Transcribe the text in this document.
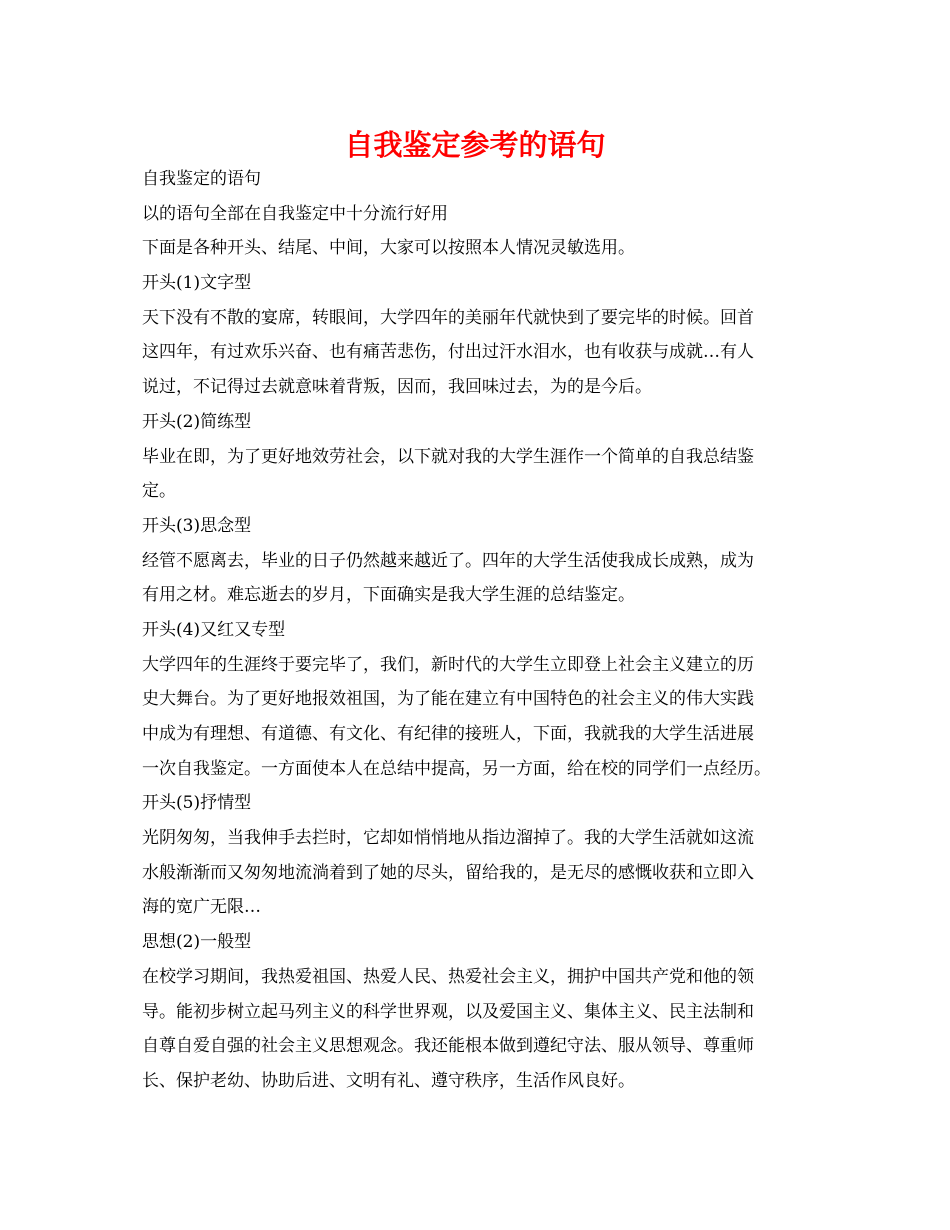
自我鉴定参考的语句

自我鉴定的语句

以的语句全部在自我鉴定中十分流行好用

下面是各种开头、结尾、中间，大家可以按照本人情况灵敏选用。

开头(1)文字型

天下没有不散的宴席，转眼间，大学四年的美丽年代就快到了要完毕的时候。回首

这四年，有过欢乐兴奋、也有痛苦悲伤，付出过汗水泪水，也有收获与成就…有人

说过，不记得过去就意味着背叛，因而，我回味过去，为的是今后。

开头(2)简练型

毕业在即，为了更好地效劳社会，以下就对我的大学生涯作一个简单的自我总结鉴

定。

开头(3)思念型

经管不愿离去，毕业的日子仍然越来越近了。四年的大学生活使我成长成熟，成为

有用之材。难忘逝去的岁月，下面确实是我大学生涯的总结鉴定。

开头(4)又红又专型

大学四年的生涯终于要完毕了，我们，新时代的大学生立即登上社会主义建立的历

史大舞台。为了更好地报效祖国，为了能在建立有中国特色的社会主义的伟大实践

中成为有理想、有道德、有文化、有纪律的接班人，下面，我就我的大学生活进展

一次自我鉴定。一方面使本人在总结中提高，另一方面，给在校的同学们一点经历。

开头(5)抒情型

光阴匆匆，当我伸手去拦时，它却如悄悄地从指边溜掉了。我的大学生活就如这流

水般渐渐而又匆匆地流淌着到了她的尽头，留给我的，是无尽的感慨收获和立即入

海的宽广无限…

思想(2)一般型

在校学习期间，我热爱祖国、热爱人民、热爱社会主义，拥护中国共产党和他的领

导。能初步树立起马列主义的科学世界观，以及爱国主义、集体主义、民主法制和

自尊自爱自强的社会主义思想观念。我还能根本做到遵纪守法、服从领导、尊重师

长、保护老幼、协助后进、文明有礼、遵守秩序，生活作风良好。
